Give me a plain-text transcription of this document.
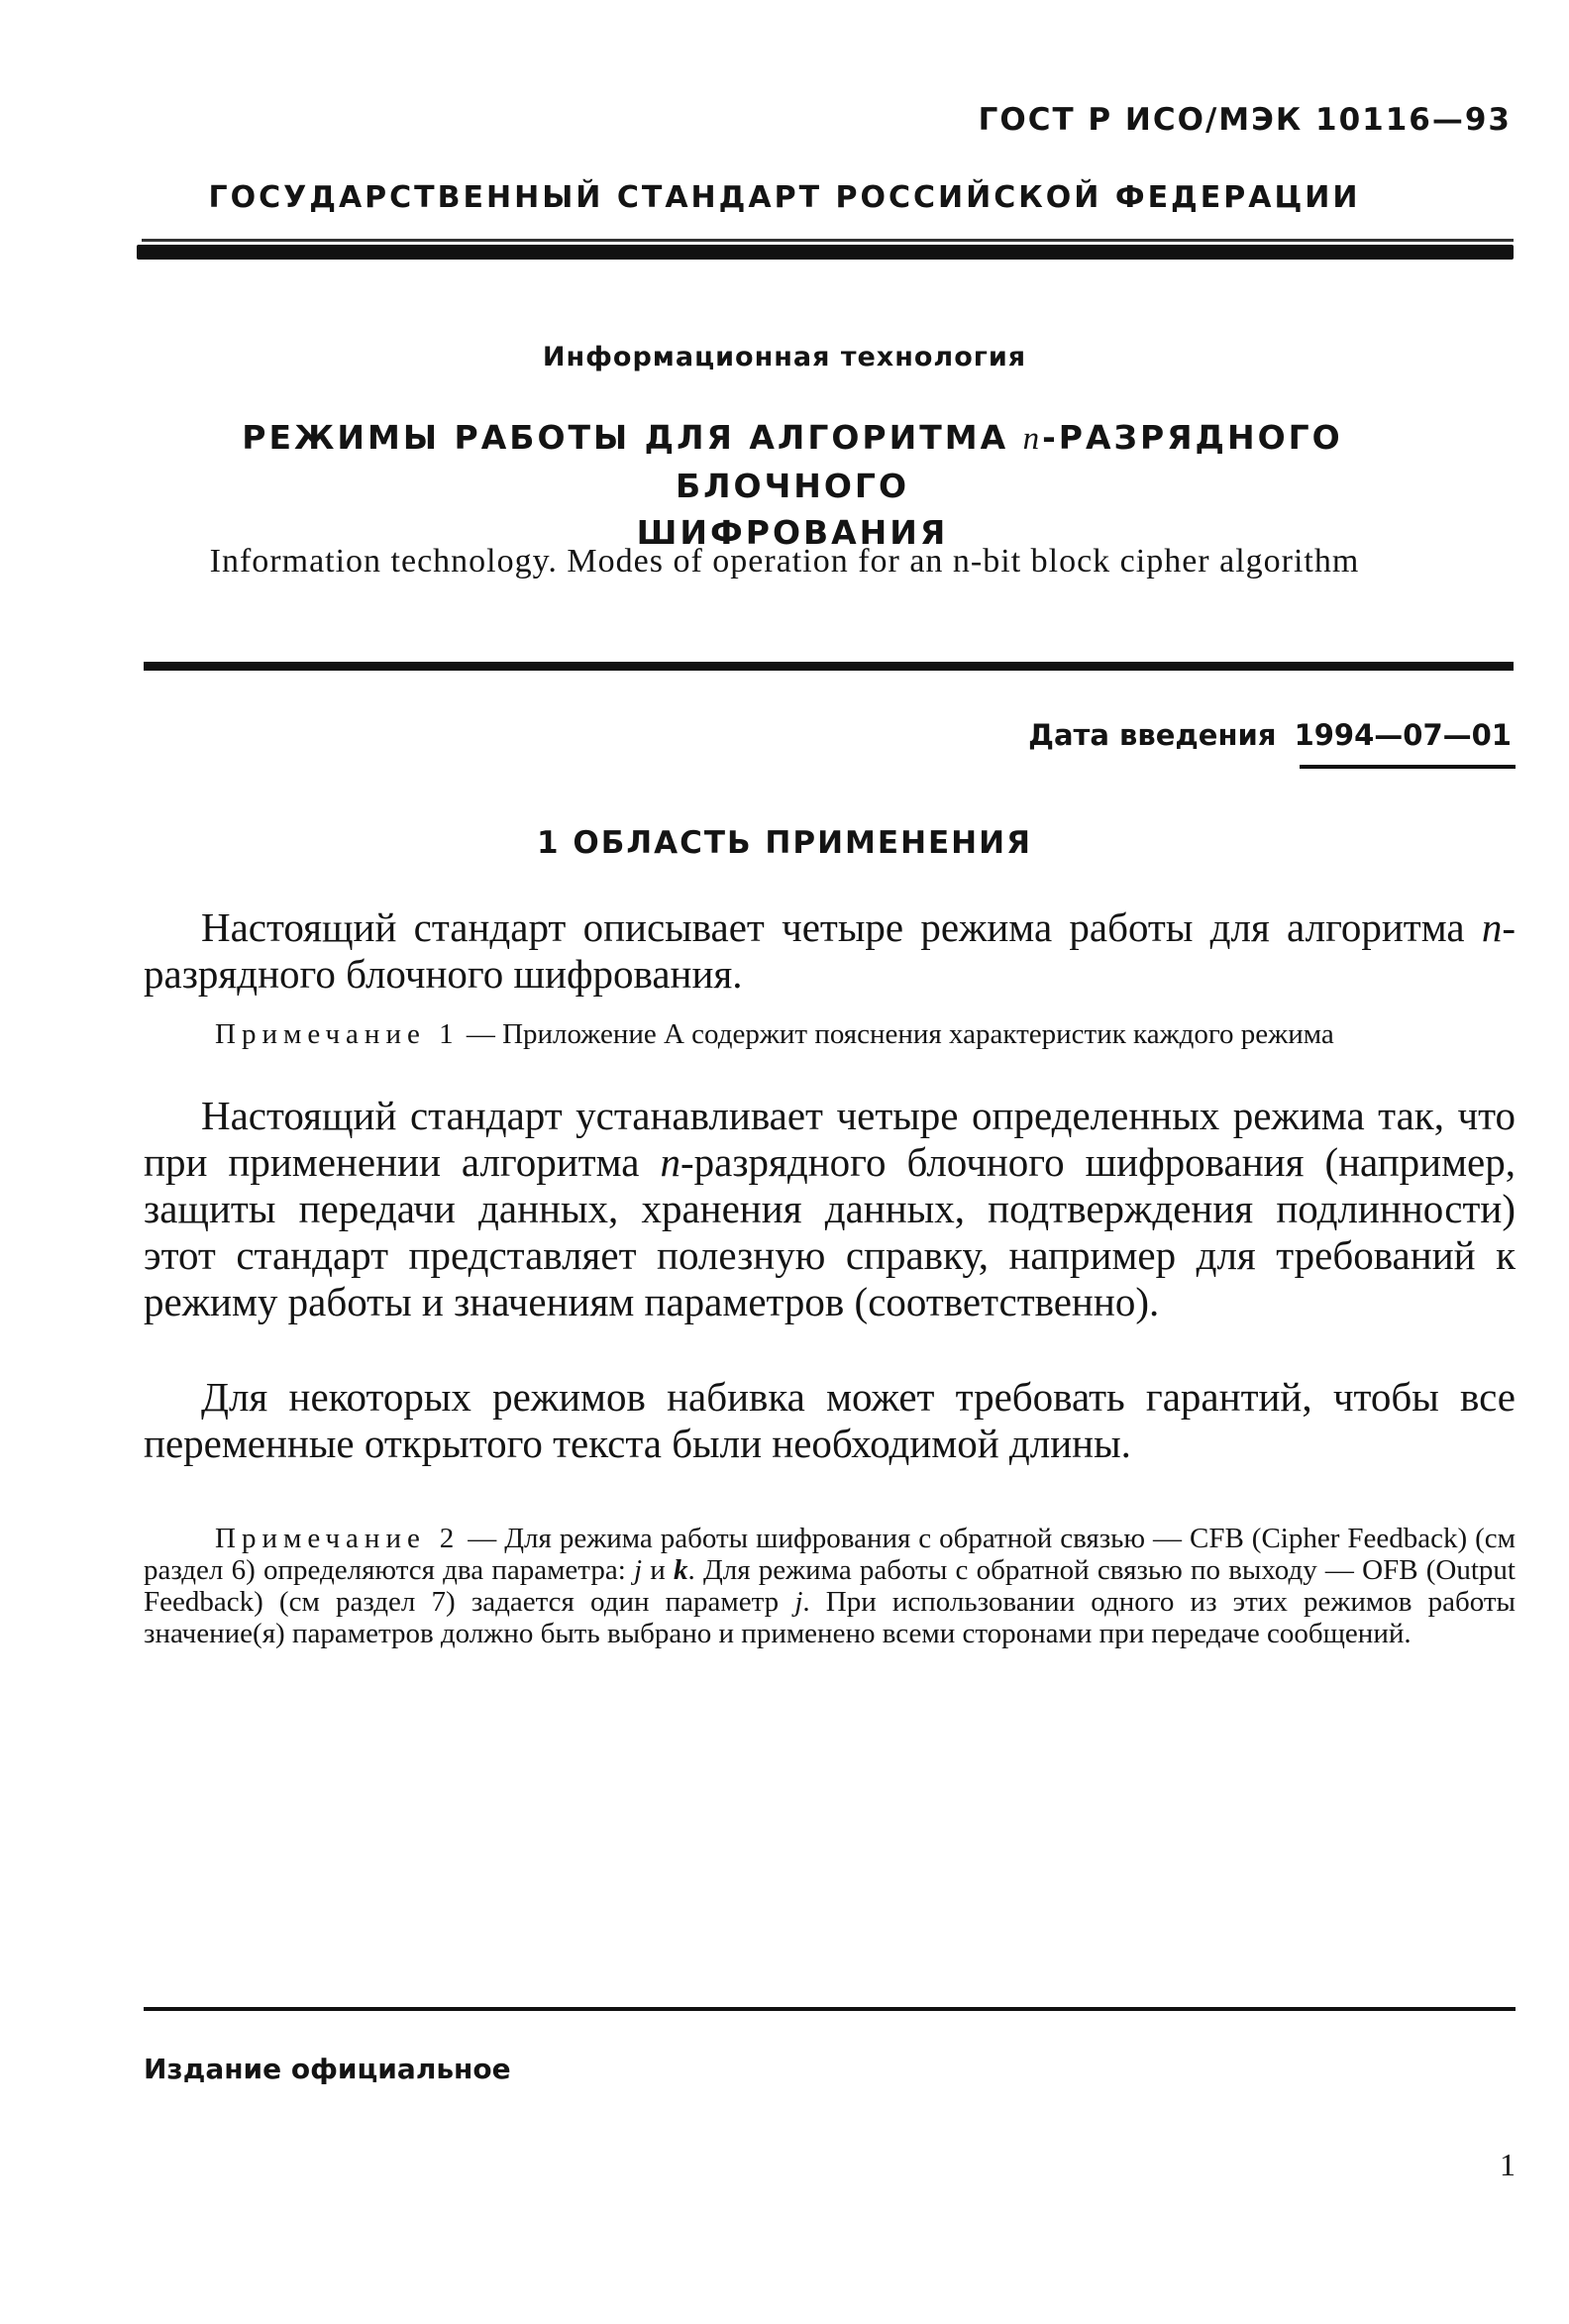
ГОСТ Р ИСО/МЭК 10116—93
ГОСУДАРСТВЕННЫЙ СТАНДАРТ РОССИЙСКОЙ ФЕДЕРАЦИИ
Информационная технология
РЕЖИМЫ РАБОТЫ ДЛЯ АЛГОРИТМА n-РАЗРЯДНОГО БЛОЧНОГО
ШИФРОВАНИЯ
Information technology. Modes of operation for an n-bit block cipher algorithm
Дата введения 1994—07—01
1 ОБЛАСТЬ ПРИМЕНЕНИЯ
Настоящий стандарт описывает четыре режима работы для алгоритма n-разрядного блочного шифрования.
Примечание 1 — Приложение А содержит пояснения характеристик каждого режима
Настоящий стандарт устанавливает четыре определенных режима так, что при применении алгоритма n-разрядного блочного шифрования (например, защиты передачи данных, хранения данных, подтверждения подлинности) этот стандарт представляет полезную справку, например для требований к режиму работы и значениям параметров (соответственно).
Для некоторых режимов набивка может требовать гарантий, чтобы все переменные открытого текста были необходимой длины.
Примечание 2 — Для режима работы шифрования с обратной связью — CFB (Cipher Feedback) (см раздел 6) определяются два параметра: j и k. Для режима работы с обратной связью по выходу — OFB (Output Feedback) (см раздел 7) задается один параметр j. При использовании одного из этих режимов работы значение(я) параметров должно быть выбрано и применено всеми сторонами при передаче сообщений.
Издание официальное
1
